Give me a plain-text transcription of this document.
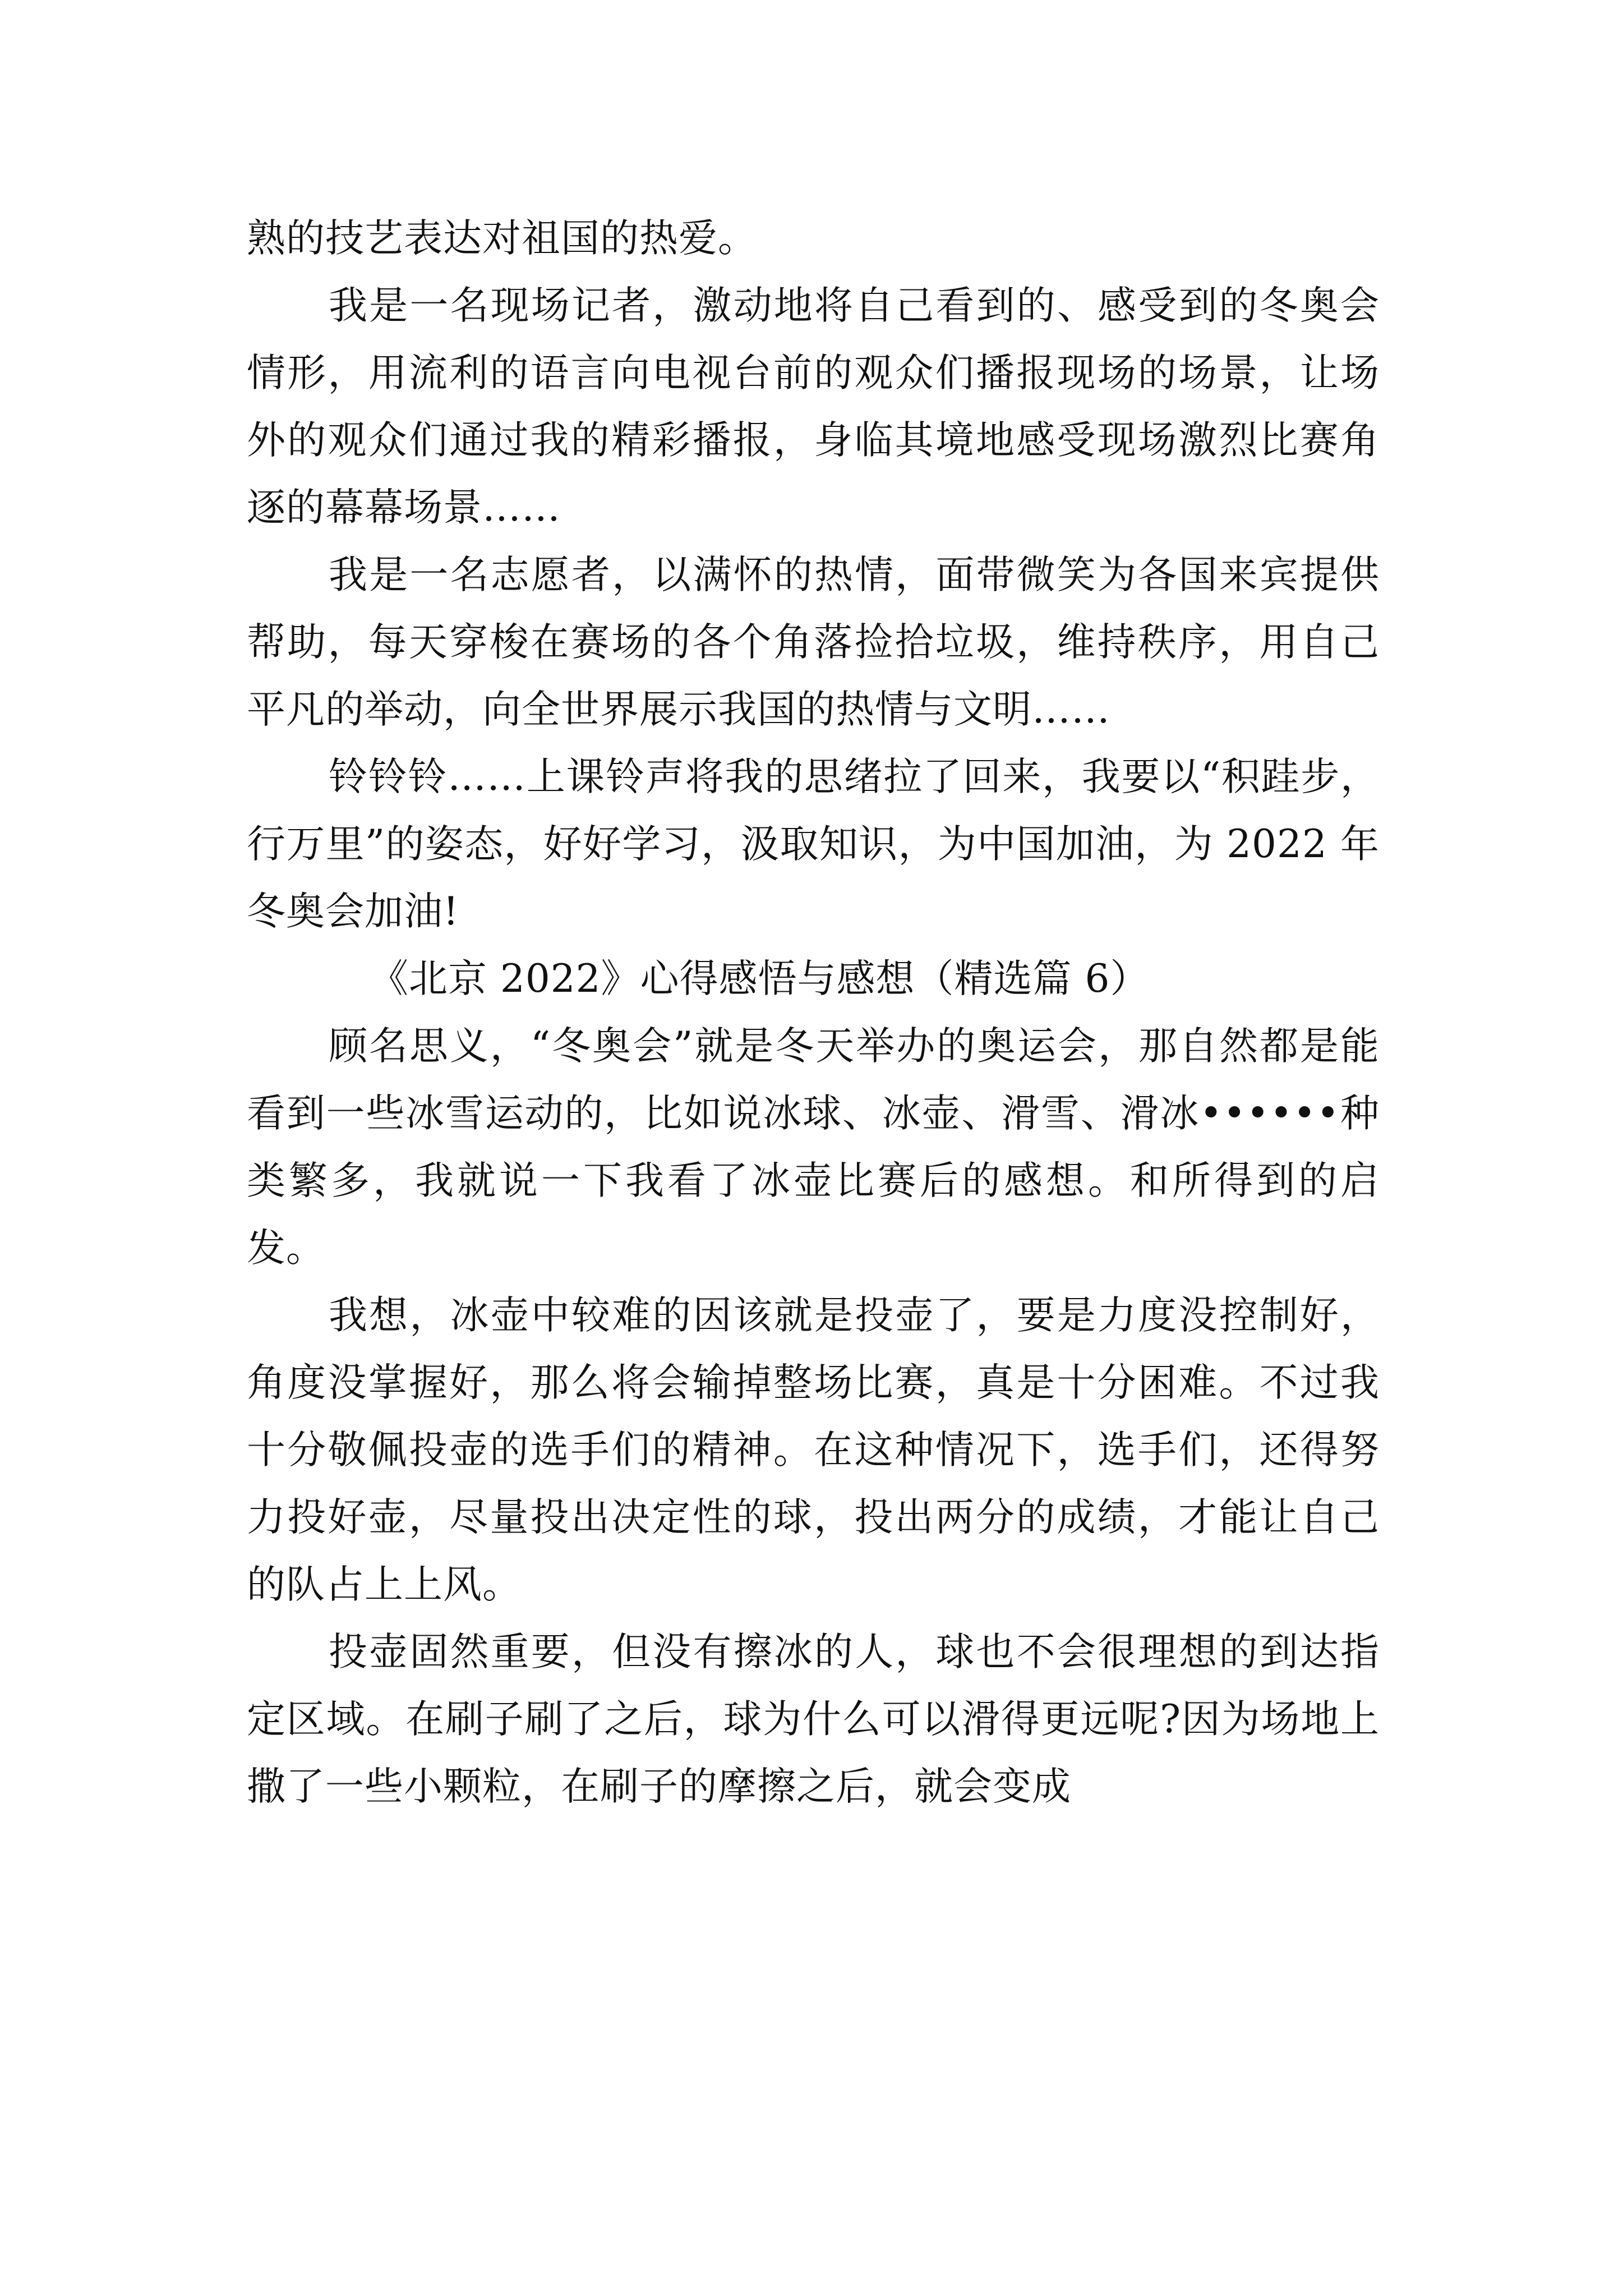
熟的技艺表达对祖国的热爱。

我是一名现场记者，激动地将自己看到的、感受到的冬奥会情形，用流利的语言向电视台前的观众们播报现场的场景，让场外的观众们通过我的精彩播报，身临其境地感受现场激烈比赛角逐的幕幕场景……

我是一名志愿者，以满怀的热情，面带微笑为各国来宾提供帮助，每天穿梭在赛场的各个角落捡拾垃圾，维持秩序，用自己平凡的举动，向全世界展示我国的热情与文明……

铃铃铃……上课铃声将我的思绪拉了回来，我要以“积跬步，行万里”的姿态，好好学习，汲取知识，为中国加油，为 2022 年冬奥会加油!

《北京 2022》心得感悟与感想（精选篇 6）

顾名思义，“冬奥会”就是冬天举办的奥运会，那自然都是能看到一些冰雪运动的，比如说冰球、冰壶、滑雪、滑冰••••••种类繁多，我就说一下我看了冰壶比赛后的感想。和所得到的启发。

我想，冰壶中较难的因该就是投壶了，要是力度没控制好，角度没掌握好，那么将会输掉整场比赛，真是十分困难。不过我十分敬佩投壶的选手们的精神。在这种情况下，选手们，还得努力投好壶，尽量投出决定性的球，投出两分的成绩，才能让自己的队占上上风。

投壶固然重要，但没有擦冰的人，球也不会很理想的到达指定区域。在刷子刷了之后，球为什么可以滑得更远呢?因为场地上撒了一些小颗粒，在刷子的摩擦之后，就会变成
